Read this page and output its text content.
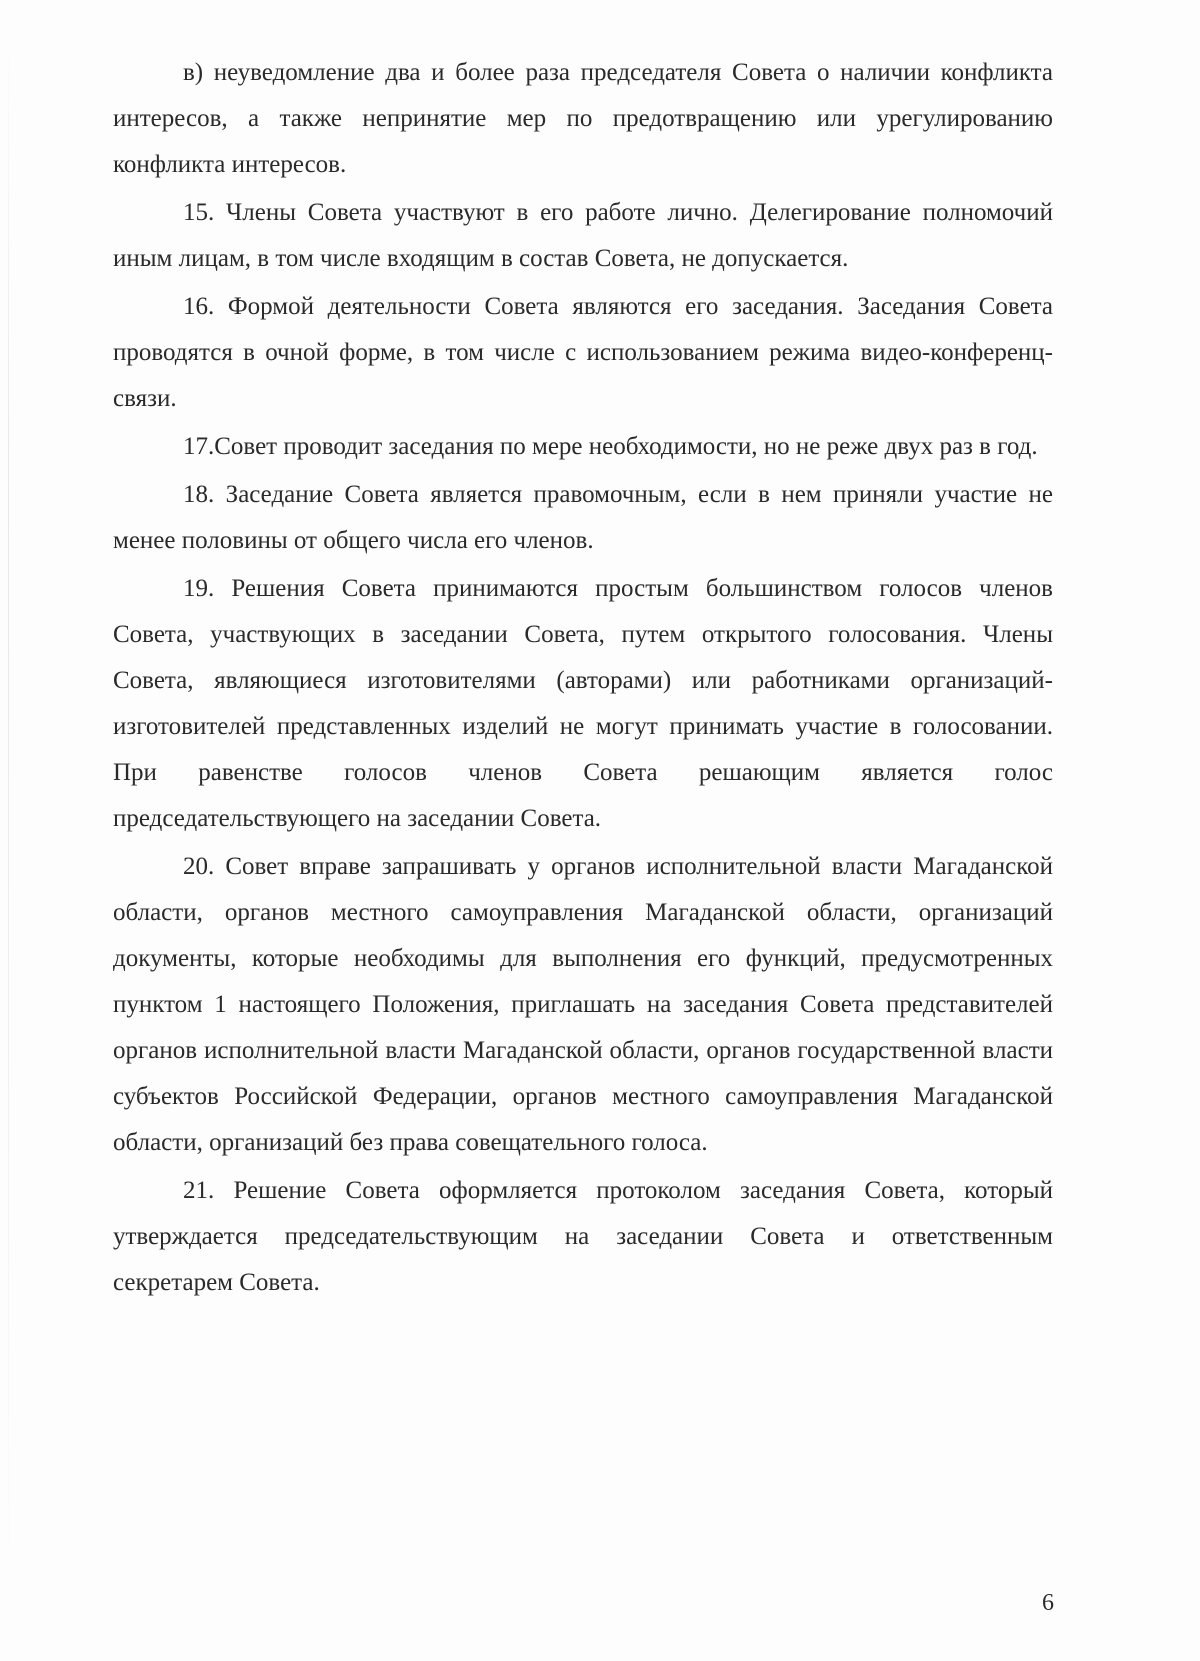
в) неуведомление два и более раза председателя Совета о наличии конфликта интересов, а также непринятие мер по предотвращению или урегулированию конфликта интересов.

15. Члены Совета участвуют в его работе лично. Делегирование полномочий иным лицам, в том числе входящим в состав Совета, не допускается.

16. Формой деятельности Совета являются его заседания. Заседания Совета проводятся в очной форме, в том числе с использованием режима видео-конференц-связи.

17.Совет проводит заседания по мере необходимости, но не реже двух раз в год.

18. Заседание Совета является правомочным, если в нем приняли участие не менее половины от общего числа его членов.

19. Решения Совета принимаются простым большинством голосов членов Совета, участвующих в заседании Совета, путем открытого голосования. Члены Совета, являющиеся изготовителями (авторами) или работниками организаций-изготовителей представленных изделий не могут принимать участие в голосовании. При равенстве голосов членов Совета решающим является голос председательствующего на заседании Совета.

20. Совет вправе запрашивать у органов исполнительной власти Магаданской области, органов местного самоуправления Магаданской области, организаций документы, которые необходимы для выполнения его функций, предусмотренных пунктом 1 настоящего Положения, приглашать на заседания Совета представителей органов исполнительной власти Магаданской области, органов государственной власти субъектов Российской Федерации, органов местного самоуправления Магаданской области, организаций без права совещательного голоса.

21. Решение Совета оформляется протоколом заседания Совета, который утверждается председательствующим на заседании Совета и ответственным секретарем Совета.

6
